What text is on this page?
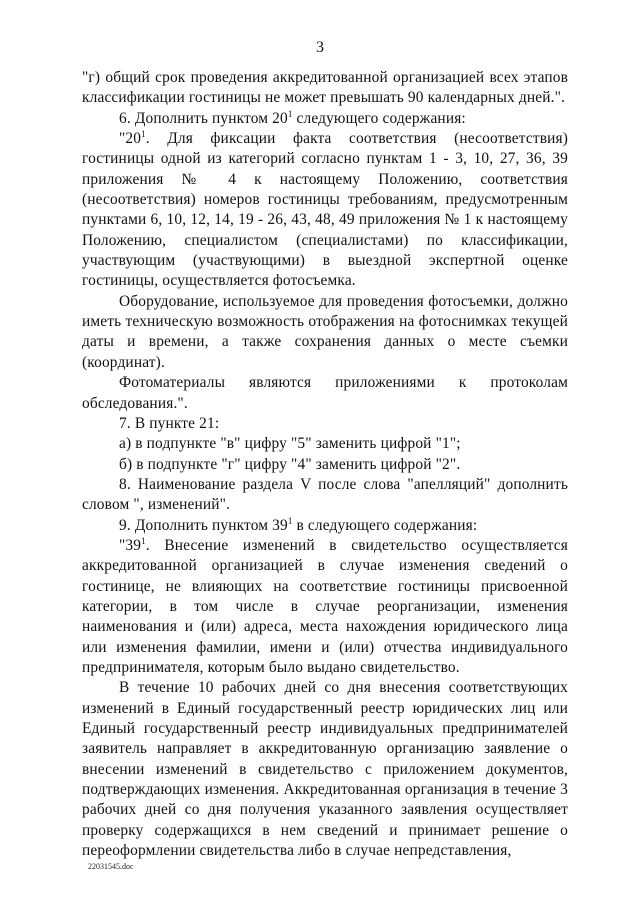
3

"г) общий срок проведения аккредитованной организацией всех этапов классификации гостиницы не может превышать 90 календарных дней.".

6. Дополнить пунктом $20^1$ следующего содержания:

"$20^1$. Для фиксации факта соответствия (несоответствия) гостиницы одной из категорий согласно пунктам 1 - 3, 10, 27, 36, 39 приложения № 4 к настоящему Положению, соответствия (несоответствия) номеров гостиницы требованиям, предусмотренным пунктами 6, 10, 12, 14, 19 - 26, 43, 48, 49 приложения № 1 к настоящему Положению, специалистом (специалистами) по классификации, участвующим (участвующими) в выездной экспертной оценке гостиницы, осуществляется фотосъемка.

Оборудование, используемое для проведения фотосъемки, должно иметь техническую возможность отображения на фотоснимках текущей даты и времени, а также сохранения данных о месте съемки (координат).

Фотоматериалы являются приложениями к протоколам обследования.".

7. В пункте 21:

а) в подпункте "в" цифру "5" заменить цифрой "1";

б) в подпункте "г" цифру "4" заменить цифрой "2".

8. Наименование раздела V после слова "апелляций" дополнить словом ", изменений".

9. Дополнить пунктом $39^1$ в следующего содержания:

"$39^1$. Внесение изменений в свидетельство осуществляется аккредитованной организацией в случае изменения сведений о гостинице, не влияющих на соответствие гостиницы присвоенной категории, в том числе в случае реорганизации, изменения наименования и (или) адреса, места нахождения юридического лица или изменения фамилии, имени и (или) отчества индивидуального предпринимателя, которым было выдано свидетельство.

В течение 10 рабочих дней со дня внесения соответствующих изменений в Единый государственный реестр юридических лиц или Единый государственный реестр индивидуальных предпринимателей заявитель направляет в аккредитованную организацию заявление о внесении изменений в свидетельство с приложением документов, подтверждающих изменения. Аккредитованная организация в течение 3 рабочих дней со дня получения указанного заявления осуществляет проверку содержащихся в нем сведений и принимает решение о переоформлении свидетельства либо в случае непредставления,

22031545.doc
